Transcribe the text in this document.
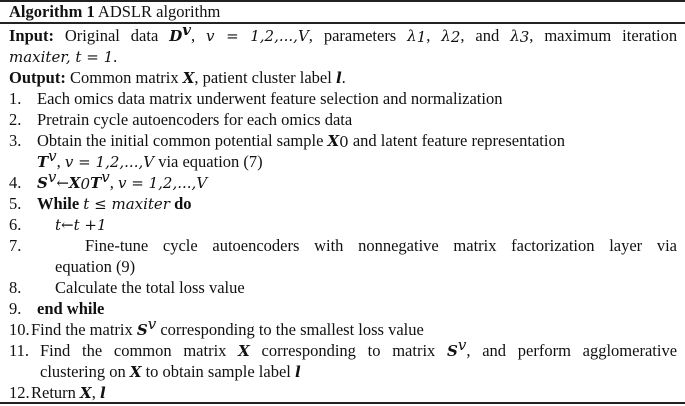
Algorithm 1 ADSLR algorithm
Input: Original data $D^v$, v = 1,2,...,V, parameters $\lambda_1$, $\lambda_2$, and $\lambda_3$, maximum iteration
maxiter, t = 1.
Output: Common matrix X, patient cluster label l.
1. Each omics data matrix underwent feature selection and normalization
2. Pretrain cycle autoencoders for each omics data
3. Obtain the initial common potential sample $X_0$ and latent feature representation
$T^v$, v = 1,2,...,V via equation (7)
4. $S^v\leftarrow X_0T^v$, v = 1,2,...,V
5. While t ≤ maxiter do
6. t←t +1
7.	Fine-tune cycle autoencoders with nonnegative matrix factorization layer via
equation (9)
8. Calculate the total loss value
9. end while
10. Find the matrix $S^v$ corresponding to the smallest loss value
11. Find the common matrix X corresponding to matrix $S^v$, and perform agglomerative
clustering on X to obtain sample label l
12. Return X, l
